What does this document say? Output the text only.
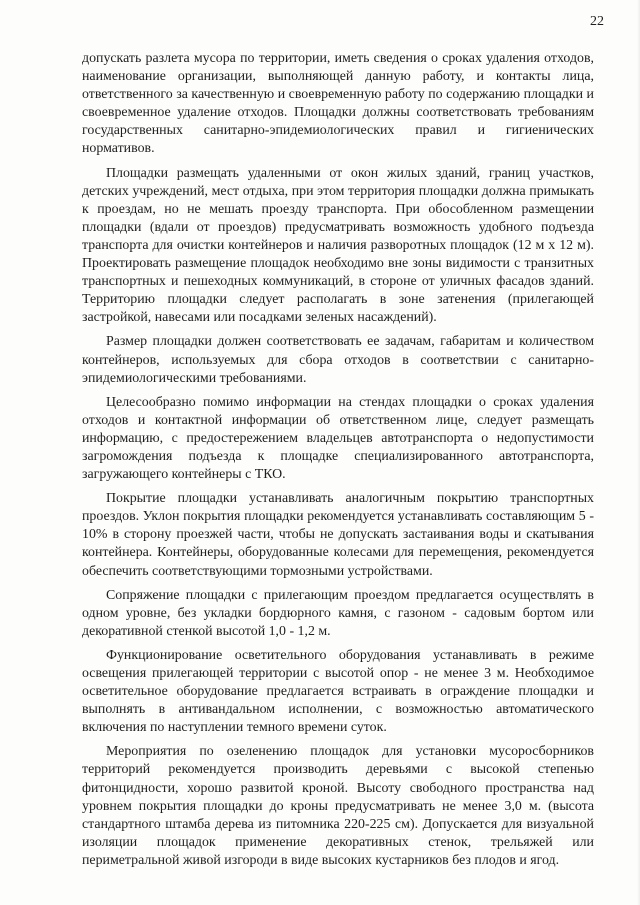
22

допускать разлета мусора по территории, иметь сведения о сроках удаления отходов, наименование организации, выполняющей данную работу, и контакты лица, ответственного за качественную и своевременную работу по содержанию площадки и своевременное удаление отходов. Площадки должны соответствовать требованиям государственных санитарно-эпидемиологических правил и гигиенических нормативов.

Площадки размещать удаленными от окон жилых зданий, границ участков, детских учреждений, мест отдыха, при этом территория площадки должна примыкать к проездам, но не мешать проезду транспорта. При обособленном размещении площадки (вдали от проездов) предусматривать возможность удобного подъезда транспорта для очистки контейнеров и наличия разворотных площадок (12 м х 12 м). Проектировать размещение площадок необходимо вне зоны видимости с транзитных транспортных и пешеходных коммуникаций, в стороне от уличных фасадов зданий. Территорию площадки следует располагать в зоне затенения (прилегающей застройкой, навесами или посадками зеленых насаждений).

Размер площадки должен соответствовать ее задачам, габаритам и количеством контейнеров, используемых для сбора отходов в соответствии с санитарно-эпидемиологическими требованиями.

Целесообразно помимо информации на стендах площадки о сроках удаления отходов и контактной информации об ответственном лице, следует размещать информацию, с предостережением владельцев автотранспорта о недопустимости загромождения подъезда к площадке специализированного автотранспорта, загружающего контейнеры с ТКО.

Покрытие площадки устанавливать аналогичным покрытию транспортных проездов. Уклон покрытия площадки рекомендуется устанавливать составляющим 5 - 10% в сторону проезжей части, чтобы не допускать застаивания воды и скатывания контейнера. Контейнеры, оборудованные колесами для перемещения, рекомендуется обеспечить соответствующими тормозными устройствами.

Сопряжение площадки с прилегающим проездом предлагается осуществлять в одном уровне, без укладки бордюрного камня, с газоном - садовым бортом или декоративной стенкой высотой 1,0 - 1,2 м.

Функционирование осветительного оборудования устанавливать в режиме освещения прилегающей территории с высотой опор - не менее 3 м. Необходимое осветительное оборудование предлагается встраивать в ограждение площадки и выполнять в антивандальном исполнении, с возможностью автоматического включения по наступлении темного времени суток.

Мероприятия по озеленению площадок для установки мусоросборников территорий рекомендуется производить деревьями с высокой степенью фитонцидности, хорошо развитой кроной. Высоту свободного пространства над уровнем покрытия площадки до кроны предусматривать не менее 3,0 м. (высота стандартного штамба дерева из питомника 220-225 см). Допускается для визуальной изоляции площадок применение декоративных стенок, трельяжей или периметральной живой изгороди в виде высоких кустарников без плодов и ягод.
